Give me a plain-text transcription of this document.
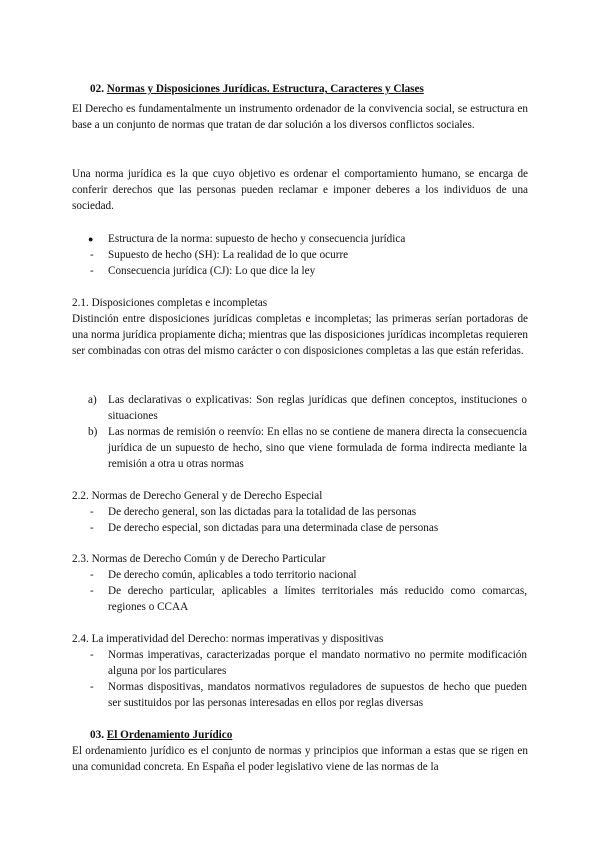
02. Normas y Disposiciones Jurídicas. Estructura, Caracteres y Clases

El Derecho es fundamentalmente un instrumento ordenador de la convivencia social, se estructura en base a un conjunto de normas que tratan de dar solución a los diversos conflictos sociales.

Una norma jurídica es la que cuyo objetivo es ordenar el comportamiento humano, se encarga de conferir derechos que las personas pueden reclamar e imponer deberes a los individuos de una sociedad.

● Estructura de la norma: supuesto de hecho y consecuencia jurídica

- Supuesto de hecho (SH): La realidad de lo que ocurre

- Consecuencia jurídica (CJ): Lo que dice la ley

2.1. Disposiciones completas e incompletas

Distinción entre disposiciones jurídicas completas e incompletas; las primeras serían portadoras de una norma jurídica propiamente dicha; mientras que las disposiciones jurídicas incompletas requieren ser combinadas con otras del mismo carácter o con disposiciones completas a las que están referidas.

a) Las declarativas o explicativas: Son reglas jurídicas que definen conceptos, instituciones o situaciones

b) Las normas de remisión o reenvío: En ellas no se contiene de manera directa la consecuencia jurídica de un supuesto de hecho, sino que viene formulada de forma indirecta mediante la remisión a otra u otras normas

2.2. Normas de Derecho General y de Derecho Especial

- De derecho general, son las dictadas para la totalidad de las personas

- De derecho especial, son dictadas para una determinada clase de personas

2.3. Normas de Derecho Común y de Derecho Particular

- De derecho común, aplicables a todo territorio nacional

- De derecho particular, aplicables a límites territoriales más reducido como comarcas, regiones o CCAA

2.4. La imperatividad del Derecho: normas imperativas y dispositivas

- Normas imperativas, caracterizadas porque el mandato normativo no permite modificación alguna por los particulares

- Normas dispositivas, mandatos normativos reguladores de supuestos de hecho que pueden ser sustituidos por las personas interesadas en ellos por reglas diversas

03. El Ordenamiento Jurídico

El ordenamiento jurídico es el conjunto de normas y principios que informan a estas que se rigen en una comunidad concreta. En España el poder legislativo viene de las normas de la
